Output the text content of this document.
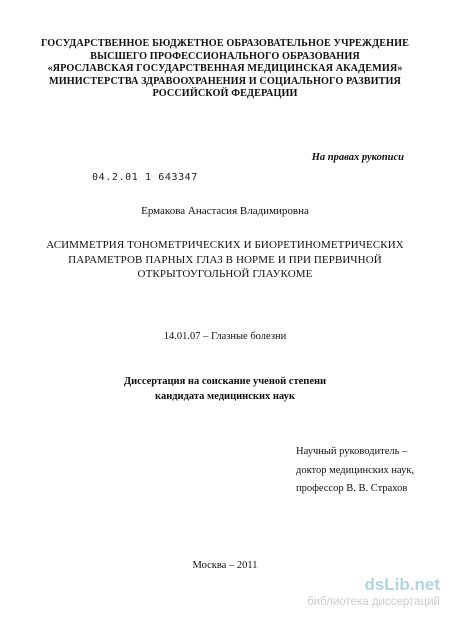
ГОСУДАРСТВЕННОЕ БЮДЖЕТНОЕ ОБРАЗОВАТЕЛЬНОЕ УЧРЕЖДЕНИЕ
ВЫСШЕГО ПРОФЕССИОНАЛЬНОГО ОБРАЗОВАНИЯ
«ЯРОСЛАВСКАЯ ГОСУДАРСТВЕННАЯ МЕДИЦИНСКАЯ АКАДЕМИЯ»
МИНИСТЕРСТВА ЗДРАВООХРАНЕНИЯ И СОЦИАЛЬНОГО РАЗВИТИЯ
РОССИЙСКОЙ ФЕДЕРАЦИИ
На правах рукописи
04.2.01 1 643347
Ермакова Анастасия Владимировна
АСИММЕТРИЯ ТОНОМЕТРИЧЕСКИХ И БИОРЕТИНОМЕТРИЧЕСКИХ
ПАРАМЕТРОВ ПАРНЫХ ГЛАЗ В НОРМЕ И ПРИ ПЕРВИЧНОЙ
ОТКРЫТОУГОЛЬНОЙ ГЛАУКОМЕ
14.01.07 – Глазные болезни
Диссертация на соискание ученой степени
кандидата медицинских наук
Научный руководитель –
доктор медицинских наук,
профессор В. В. Страхов
Москва – 2011
dsLib.net
библиотека диссертаций
